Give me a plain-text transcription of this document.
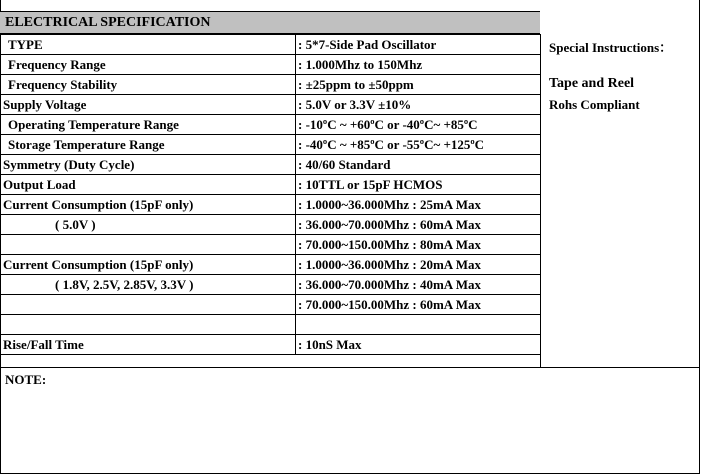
ELECTRICAL SPECIFICATION
TYPE	: 5*7-Side Pad Oscillator
Frequency Range	: 1.000Mhz to 150Mhz
Frequency Stability	: ±25ppm to ±50ppm
Supply Voltage	: 5.0V or 3.3V ±10%
Operating Temperature Range	: -10ºC ~ +60ºC or -40ºC~ +85ºC
Storage Temperature Range	: -40ºC ~ +85ºC or -55ºC~ +125ºC
Symmetry (Duty Cycle)	: 40/60 Standard
Output Load	: 10TTL or 15pF HCMOS
Current Consumption (15pF only)	: 1.0000~36.000Mhz : 25mA Max
( 5.0V )	: 36.000~70.000Mhz : 60mA Max
	: 70.000~150.00Mhz : 80mA Max
Current Consumption (15pF only)	: 1.0000~36.000Mhz : 20mA Max
( 1.8V, 2.5V, 2.85V, 3.3V )	: 36.000~70.000Mhz : 40mA Max
	: 70.000~150.00Mhz : 60mA Max

Rise/Fall Time	: 10nS Max
Special Instructions：
Tape and Reel
Rohs Compliant
NOTE:
